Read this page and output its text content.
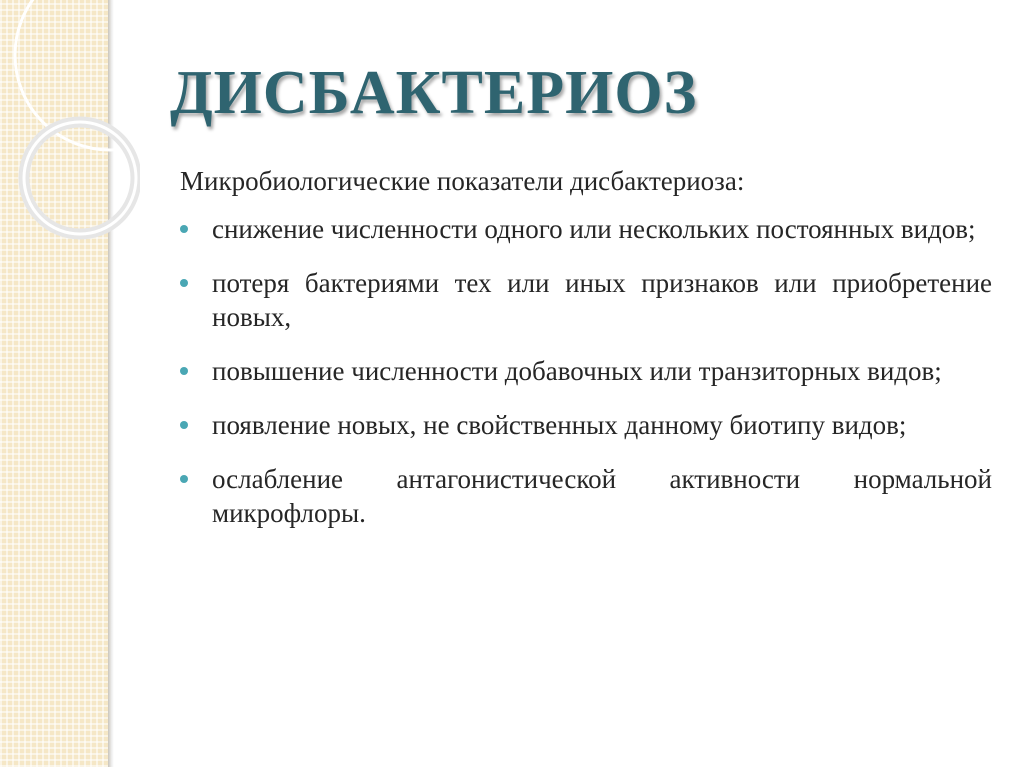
ДИСБАКТЕРИОЗ
Микробиологические показатели дисбактериоза:
снижение численности одного или нескольких постоянных видов;
потеря бактериями тех или иных признаков или приобретение новых,
повышение численности добавочных или транзиторных видов;
появление новых, не свойственных данному биотипу видов;
ослабление антагонистической активности нормальной микрофлоры.
